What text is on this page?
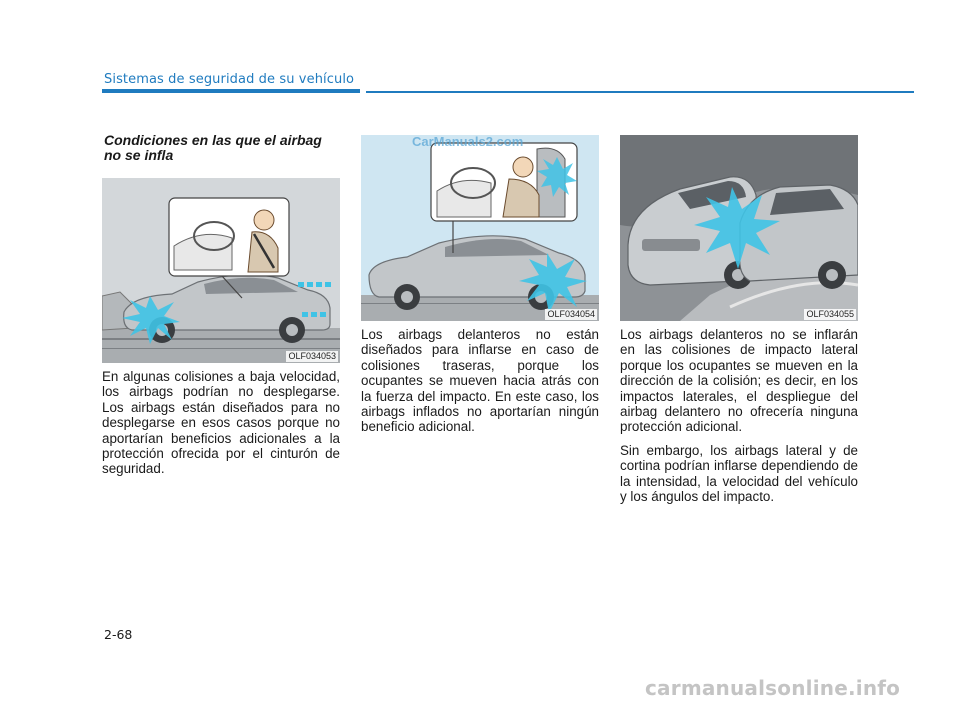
Sistemas de seguridad de su vehículo
Condiciones en las que el airbag no se infla
OLF034053
CarManuals2.com
OLF034054	OLF034055

En algunas colisiones a baja velocidad, los airbags podrían no desplegarse. Los airbags están diseñados para no desplegarse en esos casos porque no aportarían beneficios adicionales a la protección ofrecida por el cinturón de seguridad.

Los airbags delanteros no están diseñados para inflarse en caso de colisiones traseras, porque los ocupantes se mueven hacia atrás con la fuerza del impacto. En este caso, los airbags inflados no aportarían ningún beneficio adicional.

Los airbags delanteros no se inflarán en las colisiones de impacto lateral porque los ocupantes se mueven en la dirección de la colisión; es decir, en los impactos laterales, el despliegue del airbag delantero no ofrecería ninguna protección adicional.

Sin embargo, los airbags lateral y de cortina podrían inflarse dependiendo de la intensidad, la velocidad del vehículo y los ángulos del impacto.

2-68
carmanualsonline.info
